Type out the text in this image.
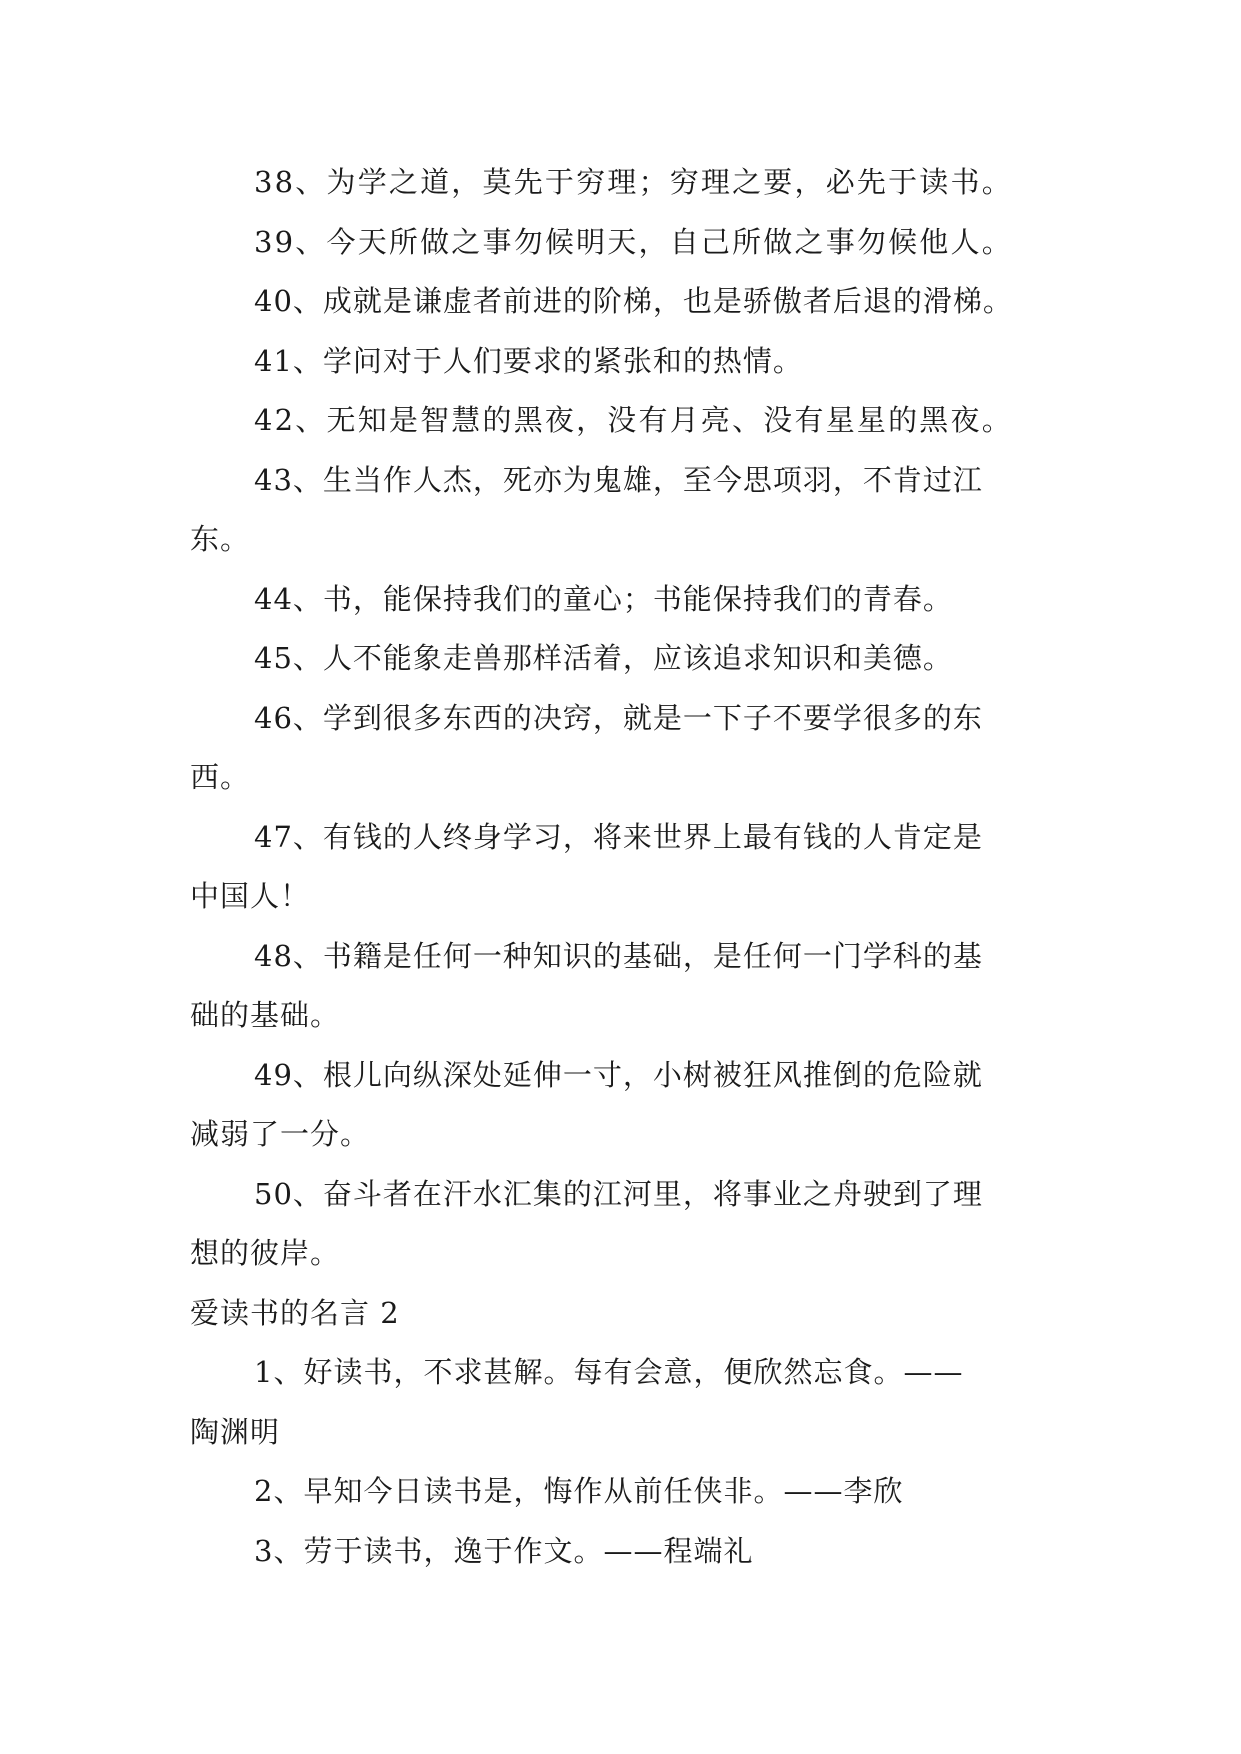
38、为学之道，莫先于穷理；穷理之要，必先于读书。
39、今天所做之事勿候明天，自己所做之事勿候他人。
40、成就是谦虚者前进的阶梯，也是骄傲者后退的滑梯。
41、学问对于人们要求的紧张和的热情。
42、无知是智慧的黑夜，没有月亮、没有星星的黑夜。
43、生当作人杰，死亦为鬼雄，至今思项羽，不肯过江
东。
44、书，能保持我们的童心；书能保持我们的青春。
45、人不能象走兽那样活着，应该追求知识和美德。
46、学到很多东西的决窍，就是一下子不要学很多的东
西。
47、有钱的人终身学习，将来世界上最有钱的人肯定是
中国人！
48、书籍是任何一种知识的基础，是任何一门学科的基
础的基础。
49、根儿向纵深处延伸一寸，小树被狂风推倒的危险就
减弱了一分。
50、奋斗者在汗水汇集的江河里，将事业之舟驶到了理
想的彼岸。
爱读书的名言 2
1、好读书，不求甚解。每有会意，便欣然忘食。——
陶渊明
2、早知今日读书是，悔作从前任侠非。——李欣
3、劳于读书，逸于作文。——程端礼
